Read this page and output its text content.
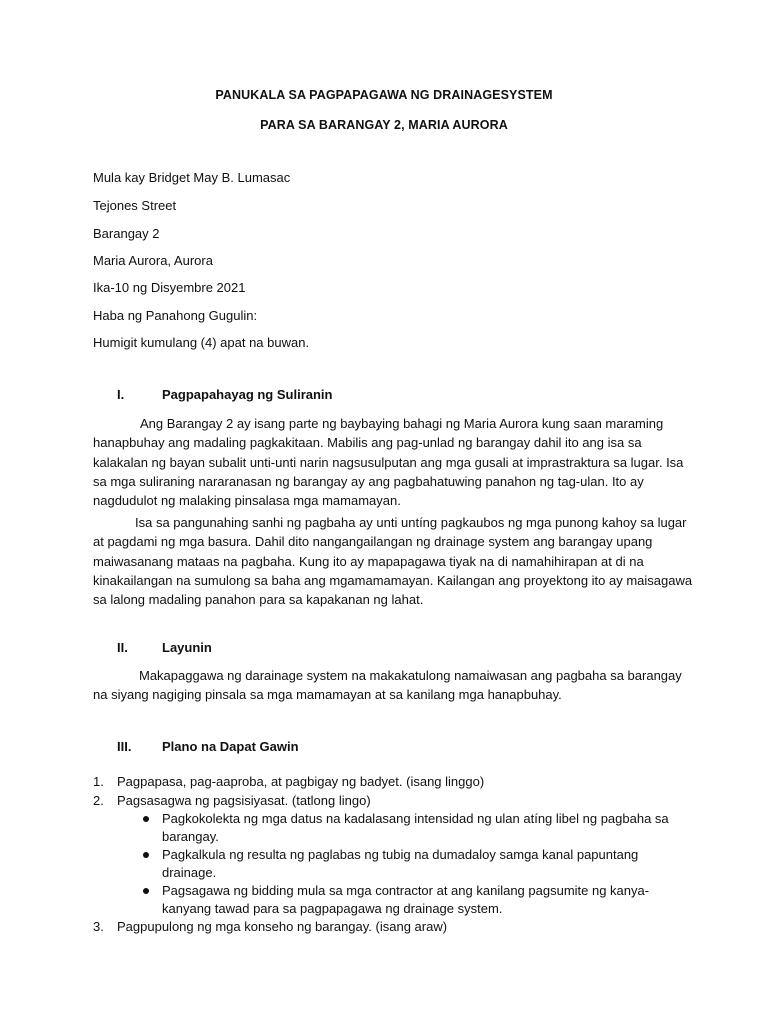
PANUKALA SA PAGPAPAGAWA NG DRAINAGESYSTEM
PARA SA BARANGAY 2, MARIA AURORA
Mula kay Bridget May B. Lumasac
Tejones Street
Barangay 2
Maria Aurora, Aurora
Ika-10 ng Disyembre 2021
Haba ng Panahong Gugulin:
Humigit kumulang (4) apat na buwan.
I.	Pagpapahayag ng Suliranin
Ang Barangay 2 ay isang parte ng baybaying bahagi ng Maria Aurora kung saan maraming hanapbuhay ang madaling pagkakitaan. Mabilis ang pag-unlad ng barangay dahil ito ang isa sa kalakalan ng bayan subalit unti-unti narin nagsusulputan ang mga gusali at imprastraktura sa lugar. Isa sa mga suliraning nararanasan ng barangay ay ang pagbahatuwing panahon ng tag-ulan. Ito ay nagdudulot ng malaking pinsalasa mga mamamayan.
Isa sa pangunahing sanhi ng pagbaha ay unti untíng pagkaubos ng mga punong kahoy sa lugar at pagdami ng mga basura. Dahil dito nangangailangan ng drainage system ang barangay upang maiwasanang mataas na pagbaha. Kung ito ay mapapagawa tiyak na di namahihirapan at di na kinakailangan na sumulong sa baha ang mgamamamayan. Kailangan ang proyektong ito ay maisagawa sa lalong madaling panahon para sa kapakanan ng lahat.
II.	Layunin
Makapaggawa ng darainage system na makakatulong namaiwasan ang pagbaha sa barangay na siyang nagiging pinsala sa mga mamamayan at sa kanilang mga hanapbuhay.
III. Plano na Dapat Gawin
1.	Pagpapasa, pag-aaproba, at pagbigay ng badyet. (isang linggo)
2.	Pagsasagwa ng pagsisiyasat. (tatlong lingo)
Pagkokolekta ng mga datus na kadalasang intensidad ng ulan atíng libel ng pagbaha sa barangay.
Pagkalkula ng resulta ng paglabas ng tubig na dumadaloy samga kanal papuntang drainage.
Pagsagawa ng bidding mula sa mga contractor at ang kanilang pagsumite ng kanya-kanyang tawad para sa pagpapagawa ng drainage system.
3.	Pagpupulong ng mga konseho ng barangay. (isang araw)
